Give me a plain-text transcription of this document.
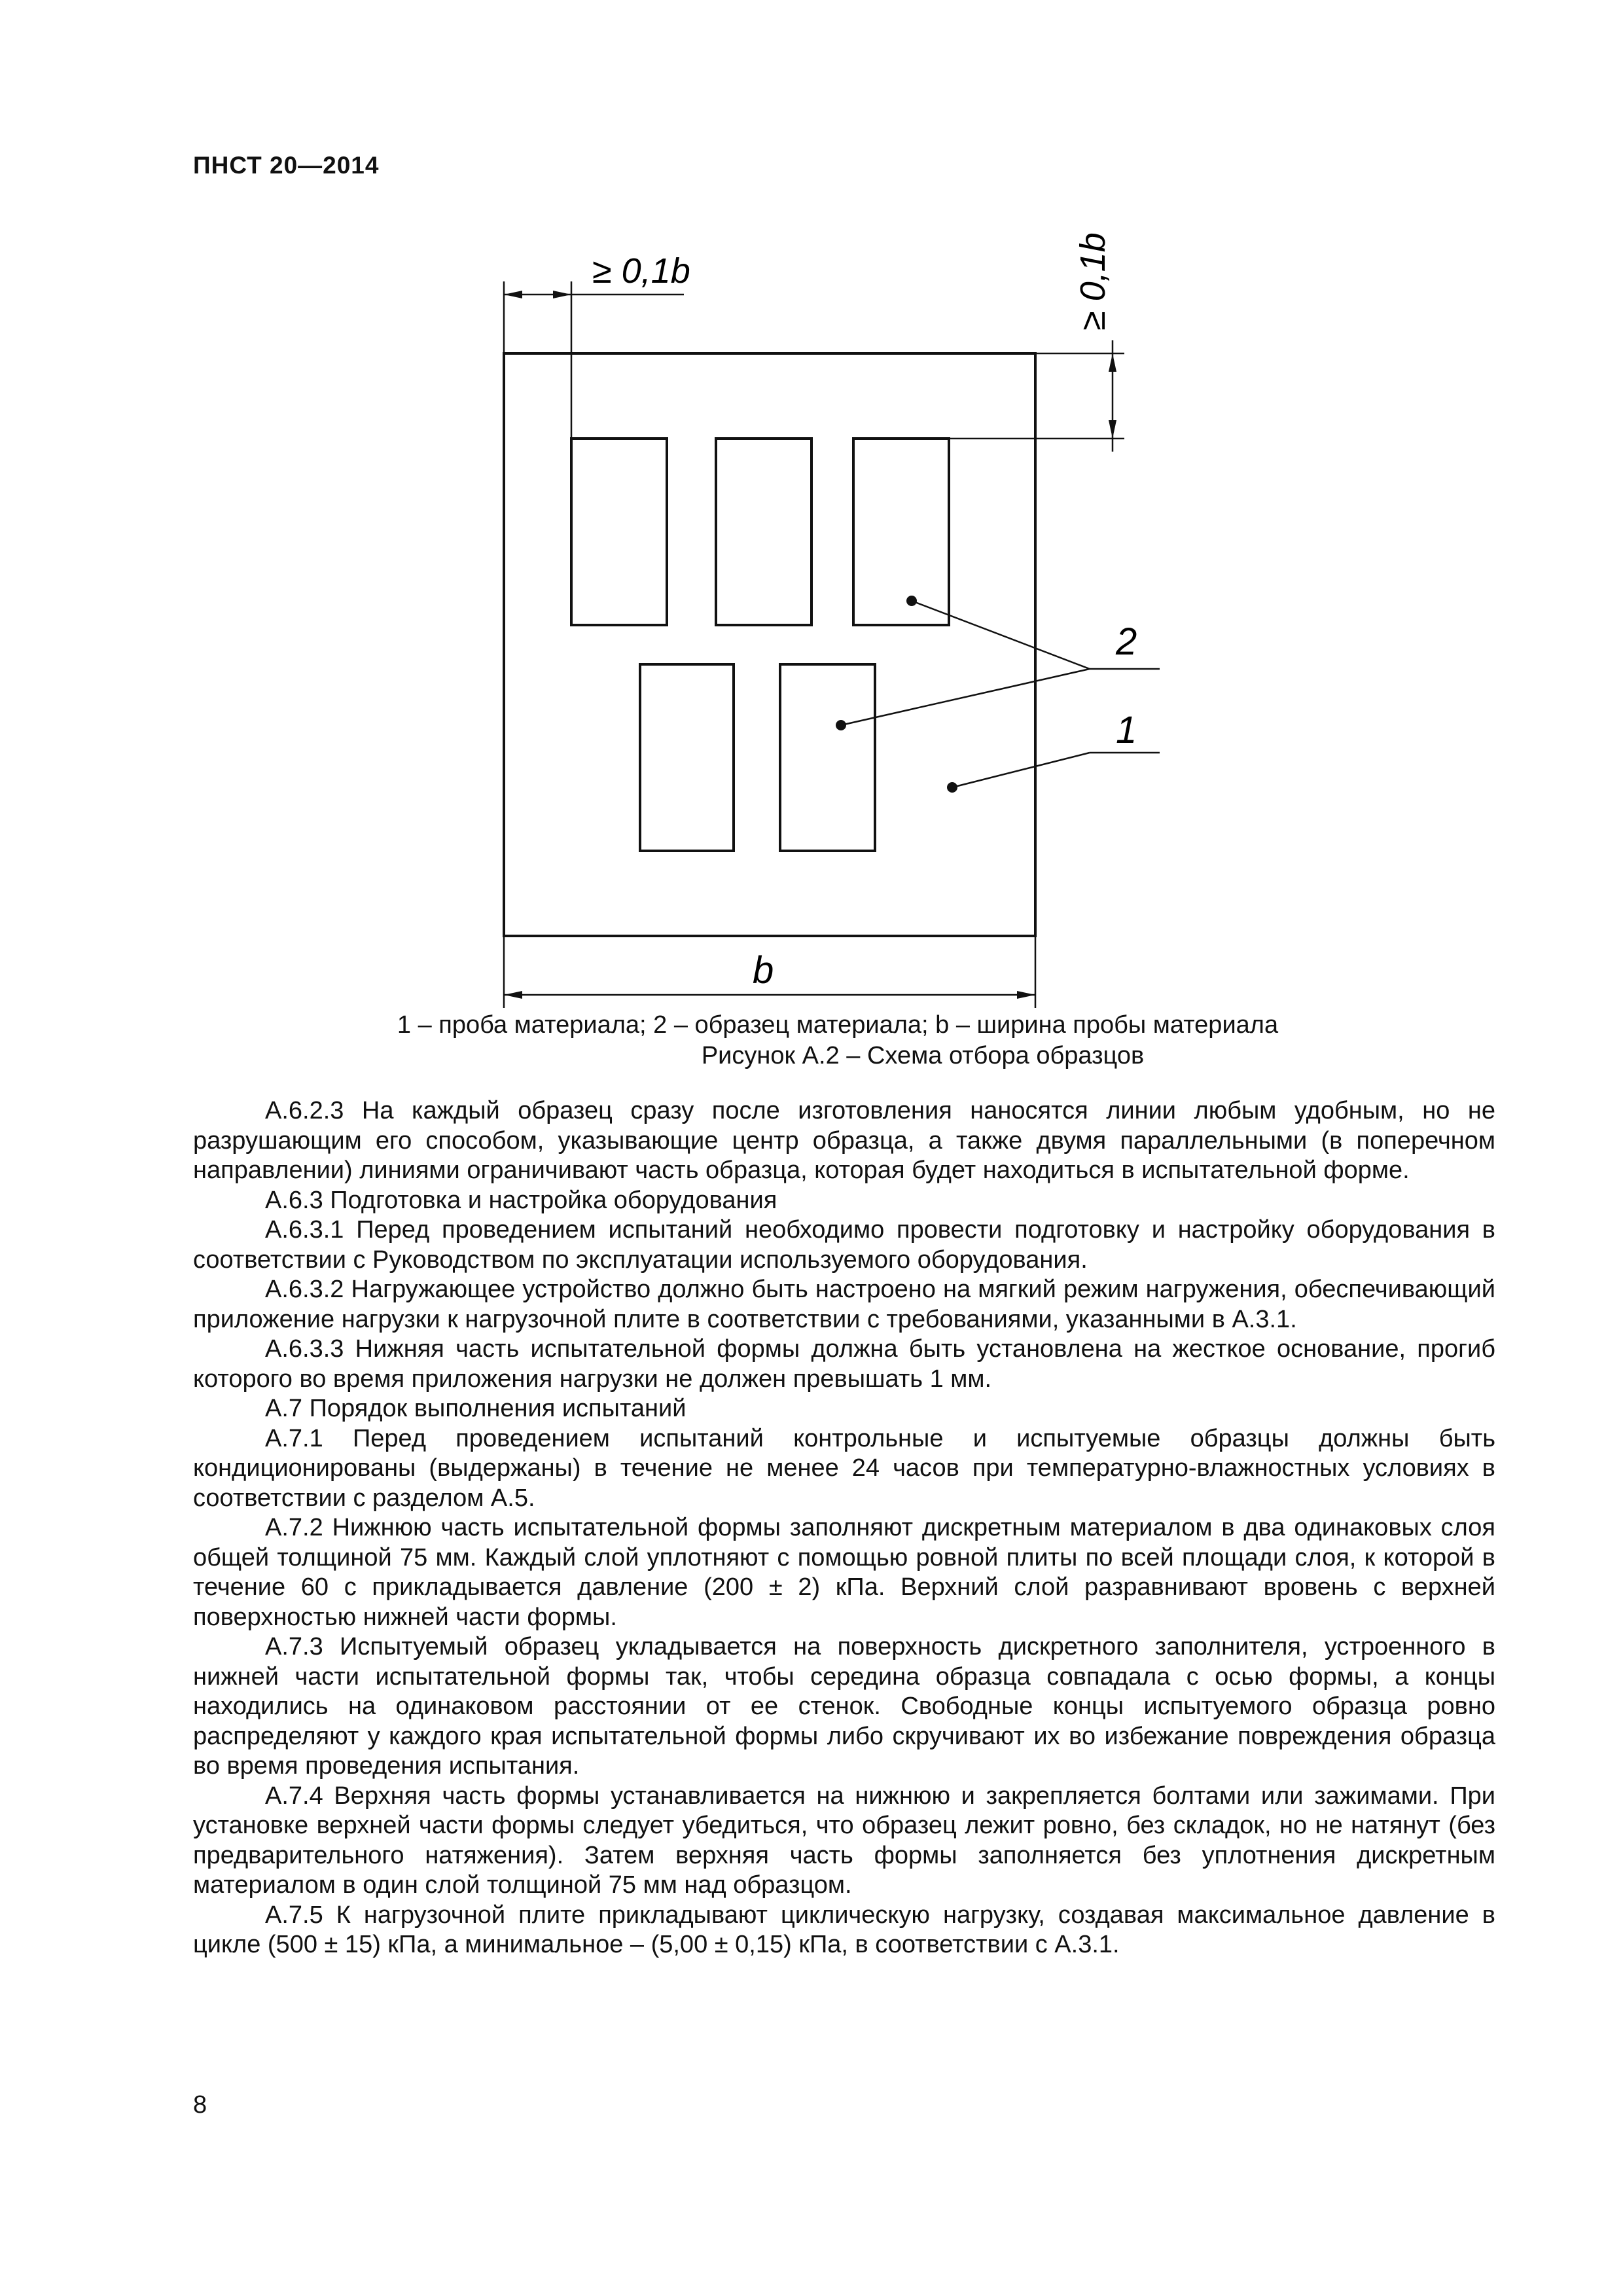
ПНСТ 20—2014
≥ 0,1b	≥ 0,1b
2
1
b
1 – проба материала; 2 – образец материала; b – ширина пробы материала
Рисунок А.2 – Схема отбора образцов

А.6.2.3 На каждый образец сразу после изготовления наносятся линии любым удобным, но не разрушающим его способом, указывающие центр образца, а также двумя параллельными (в поперечном направлении) линиями ограничивают часть образца, которая будет находиться в испытательной форме.

А.6.3 Подготовка и настройка оборудования

А.6.3.1 Перед проведением испытаний необходимо провести подготовку и настройку оборудования в соответствии с Руководством по эксплуатации используемого оборудования.

А.6.3.2 Нагружающее устройство должно быть настроено на мягкий режим нагружения, обеспечивающий приложение нагрузки к нагрузочной плите в соответствии с требованиями, указанными в А.3.1.

А.6.3.3 Нижняя часть испытательной формы должна быть установлена на жесткое основание, прогиб которого во время приложения нагрузки не должен превышать 1 мм.

А.7 Порядок выполнения испытаний

А.7.1 Перед проведением испытаний контрольные и испытуемые образцы должны быть кондиционированы (выдержаны) в течение не менее 24 часов при температурно-влажностных условиях в соответствии с разделом А.5.

А.7.2 Нижнюю часть испытательной формы заполняют дискретным материалом в два одинаковых слоя общей толщиной 75 мм. Каждый слой уплотняют с помощью ровной плиты по всей площади слоя, к которой в течение 60 с прикладывается давление (200 ± 2) кПа. Верхний слой разравнивают вровень с верхней поверхностью нижней части формы.

А.7.3 Испытуемый образец укладывается на поверхность дискретного заполнителя, устроенного в нижней части испытательной формы так, чтобы середина образца совпадала с осью формы, а концы находились на одинаковом расстоянии от ее стенок. Свободные концы испытуемого образца ровно распределяют у каждого края испытательной формы либо скручивают их во избежание повреждения образца во время проведения испытания.

А.7.4 Верхняя часть формы устанавливается на нижнюю и закрепляется болтами или зажимами. При установке верхней части формы следует убедиться, что образец лежит ровно, без складок, но не натянут (без предварительного натяжения). Затем верхняя часть формы заполняется без уплотнения дискретным материалом в один слой толщиной 75 мм над образцом.

А.7.5 К нагрузочной плите прикладывают циклическую нагрузку, создавая максимальное давление в цикле (500 ± 15) кПа, а минимальное – (5,00 ± 0,15) кПа, в соответствии с А.3.1.

8
